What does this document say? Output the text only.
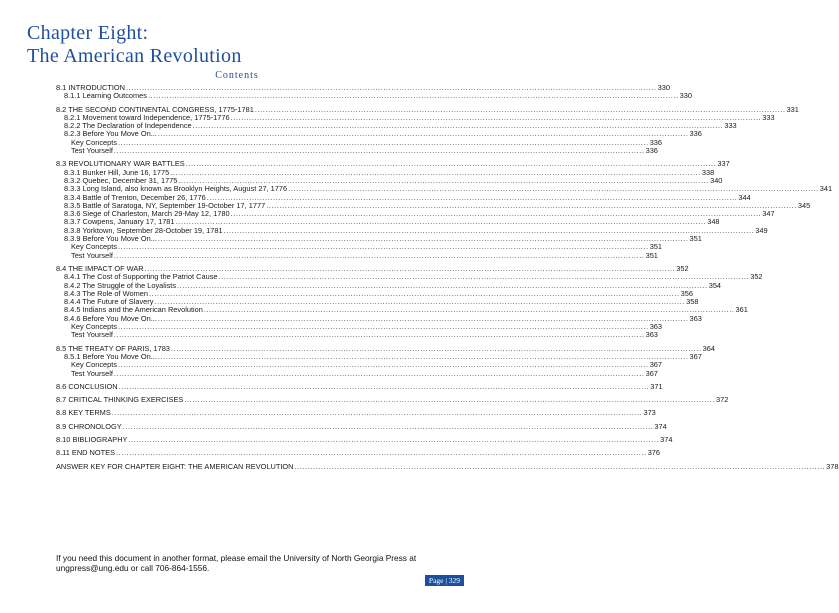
Chapter Eight:
The American Revolution
Contents
8.1 INTRODUCTION ........................................................................................................................................................................................................ 330
8.1.1 Learning Outcomes ........................................................................................................................................................................................................ 330
8.2 THE SECOND CONTINENTAL CONGRESS, 1775-1781 ........................................................................................................................................................................................................ 331
8.2.1 Movement toward Independence, 1775-1776 ........................................................................................................................................................................................................ 333
8.2.2 The Declaration of Independence ........................................................................................................................................................................................................ 333
8.2.3 Before You Move On... ........................................................................................................................................................................................................ 336
Key Concepts ........................................................................................................................................................................................................ 336
Test Yourself ........................................................................................................................................................................................................ 336
8.3 REVOLUTIONARY WAR BATTLES ........................................................................................................................................................................................................ 337
8.3.1 Bunker Hill, June 16, 1775 ........................................................................................................................................................................................................ 338
8.3.2 Quebec, December 31, 1775 ........................................................................................................................................................................................................ 340
8.3.3 Long Island, also known as Brooklyn Heights, August 27, 1776 ........................................................................................................................................................................................................ 341
8.3.4 Battle of Trenton, December 26, 1776 ........................................................................................................................................................................................................ 344
8.3.5 Battle of Saratoga, NY, September 19-October 17, 1777 ........................................................................................................................................................................................................ 345
8.3.6 Siege of Charleston, March 29-May 12, 1780 ........................................................................................................................................................................................................ 347
8.3.7 Cowpens, January 17, 1781 ........................................................................................................................................................................................................ 348
8.3.8 Yorktown, September 28-October 19, 1781 ........................................................................................................................................................................................................ 349
8.3.9 Before You Move On... ........................................................................................................................................................................................................ 351
Key Concepts ........................................................................................................................................................................................................ 351
Test Yourself ........................................................................................................................................................................................................ 351
8.4 THE IMPACT OF WAR ........................................................................................................................................................................................................ 352
8.4.1 The Cost of Supporting the Patriot Cause ........................................................................................................................................................................................................ 352
8.4.2 The Struggle of the Loyalists ........................................................................................................................................................................................................ 354
8.4.3 The Role of Women ........................................................................................................................................................................................................ 356
8.4.4 The Future of Slavery ........................................................................................................................................................................................................ 358
8.4.5 Indians and the American Revolution ........................................................................................................................................................................................................ 361
8.4.6 Before You Move On... ........................................................................................................................................................................................................ 363
Key Concepts ........................................................................................................................................................................................................ 363
Test Yourself ........................................................................................................................................................................................................ 363
8.5 THE TREATY OF PARIS, 1783 ........................................................................................................................................................................................................ 364
8.5.1 Before You Move On... ........................................................................................................................................................................................................ 367
Key Concepts ........................................................................................................................................................................................................ 367
Test Yourself ........................................................................................................................................................................................................ 367
8.6 CONCLUSION ........................................................................................................................................................................................................ 371
8.7 CRITICAL THINKING EXERCISES ........................................................................................................................................................................................................ 372
8.8 KEY TERMS ........................................................................................................................................................................................................ 373
8.9 CHRONOLOGY ........................................................................................................................................................................................................ 374
8.10 BIBLIOGRAPHY ........................................................................................................................................................................................................ 374
8.11 END NOTES ........................................................................................................................................................................................................ 376
ANSWER KEY FOR CHAPTER EIGHT: THE AMERICAN REVOLUTION ........................................................................................................................................................................................................ 378
If you need this document in another format, please email the University of North Georgia Press at ungpress@ung.edu or call 706-864-1556.
Page | 329
